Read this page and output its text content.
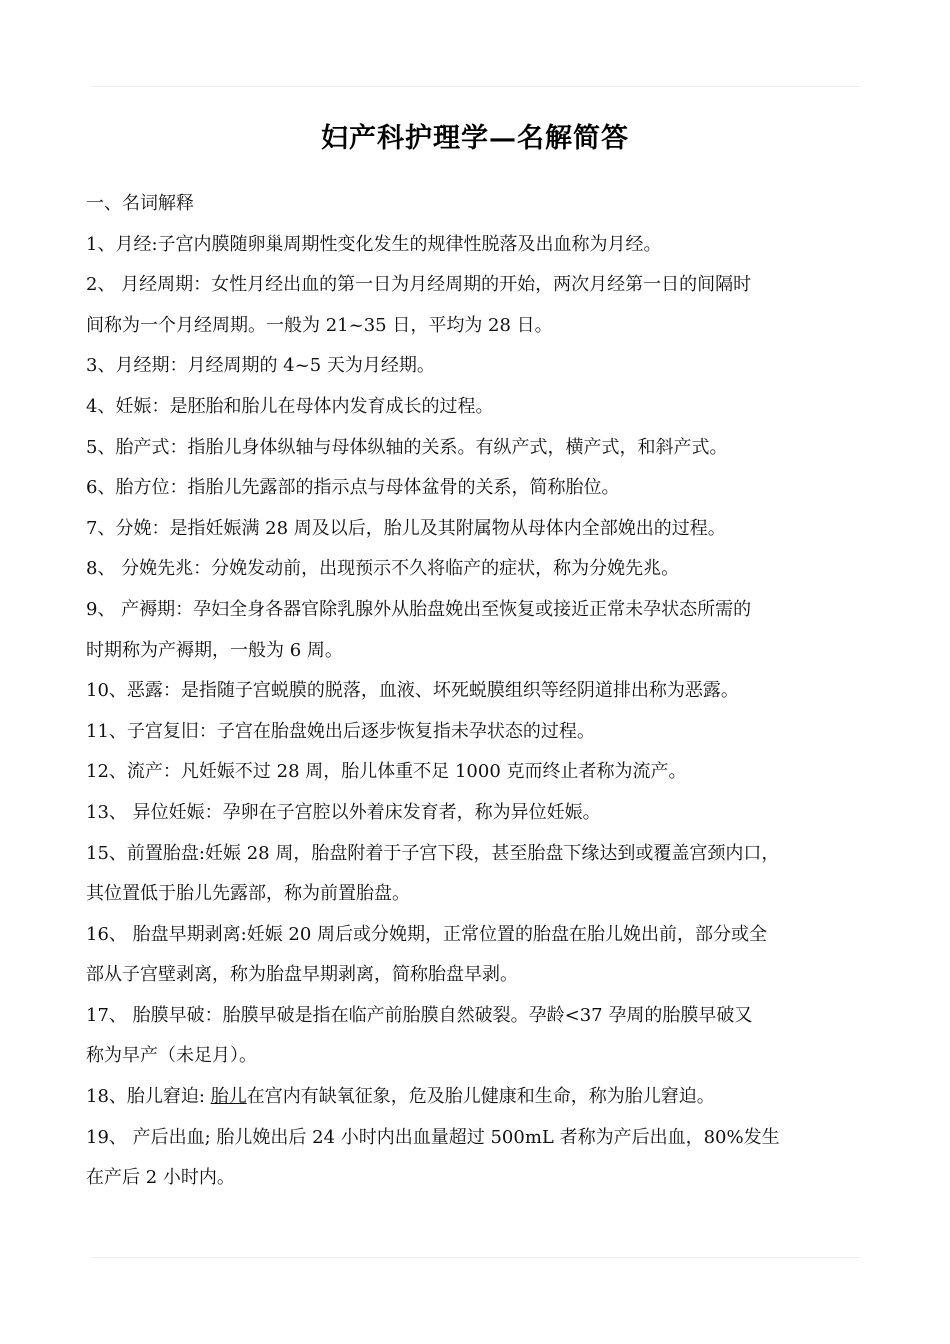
妇产科护理学—名解简答
一、名词解释
1、月经:子宫内膜随卵巢周期性变化发生的规律性脱落及出血称为月经。
2、 月经周期：女性月经出血的第一日为月经周期的开始，两次月经第一日的间隔时
间称为一个月经周期。一般为 21~35 日，平均为 28 日。
3、月经期：月经周期的 4~5 天为月经期。
4、妊娠：是胚胎和胎儿在母体内发育成长的过程。
5、胎产式：指胎儿身体纵轴与母体纵轴的关系。有纵产式，横产式，和斜产式。
6、胎方位：指胎儿先露部的指示点与母体盆骨的关系，简称胎位。
7、分娩：是指妊娠满 28 周及以后，胎儿及其附属物从母体内全部娩出的过程。
8、 分娩先兆：分娩发动前，出现预示不久将临产的症状，称为分娩先兆。
9、 产褥期：孕妇全身各器官除乳腺外从胎盘娩出至恢复或接近正常未孕状态所需的
时期称为产褥期，一般为 6 周。
10、恶露：是指随子宫蜕膜的脱落，血液、坏死蜕膜组织等经阴道排出称为恶露。
11、子宫复旧：子宫在胎盘娩出后逐步恢复指未孕状态的过程。
12、流产：凡妊娠不过 28 周，胎儿体重不足 1000 克而终止者称为流产。
13、 异位妊娠：孕卵在子宫腔以外着床发育者，称为异位妊娠。
15、前置胎盘:妊娠 28 周，胎盘附着于子宫下段，甚至胎盘下缘达到或覆盖宫颈内口，
其位置低于胎儿先露部，称为前置胎盘。
16、 胎盘早期剥离:妊娠 20 周后或分娩期，正常位置的胎盘在胎儿娩出前，部分或全
部从子宫壁剥离，称为胎盘早期剥离，简称胎盘早剥。
17、 胎膜早破：胎膜早破是指在临产前胎膜自然破裂。孕龄<37 孕周的胎膜早破又
称为早产（未足月）。
18、胎儿窘迫: 胎儿在宫内有缺氧征象，危及胎儿健康和生命，称为胎儿窘迫。
19、 产后出血; 胎儿娩出后 24 小时内出血量超过 500mL 者称为产后出血，80%发生
在产后 2 小时内。
